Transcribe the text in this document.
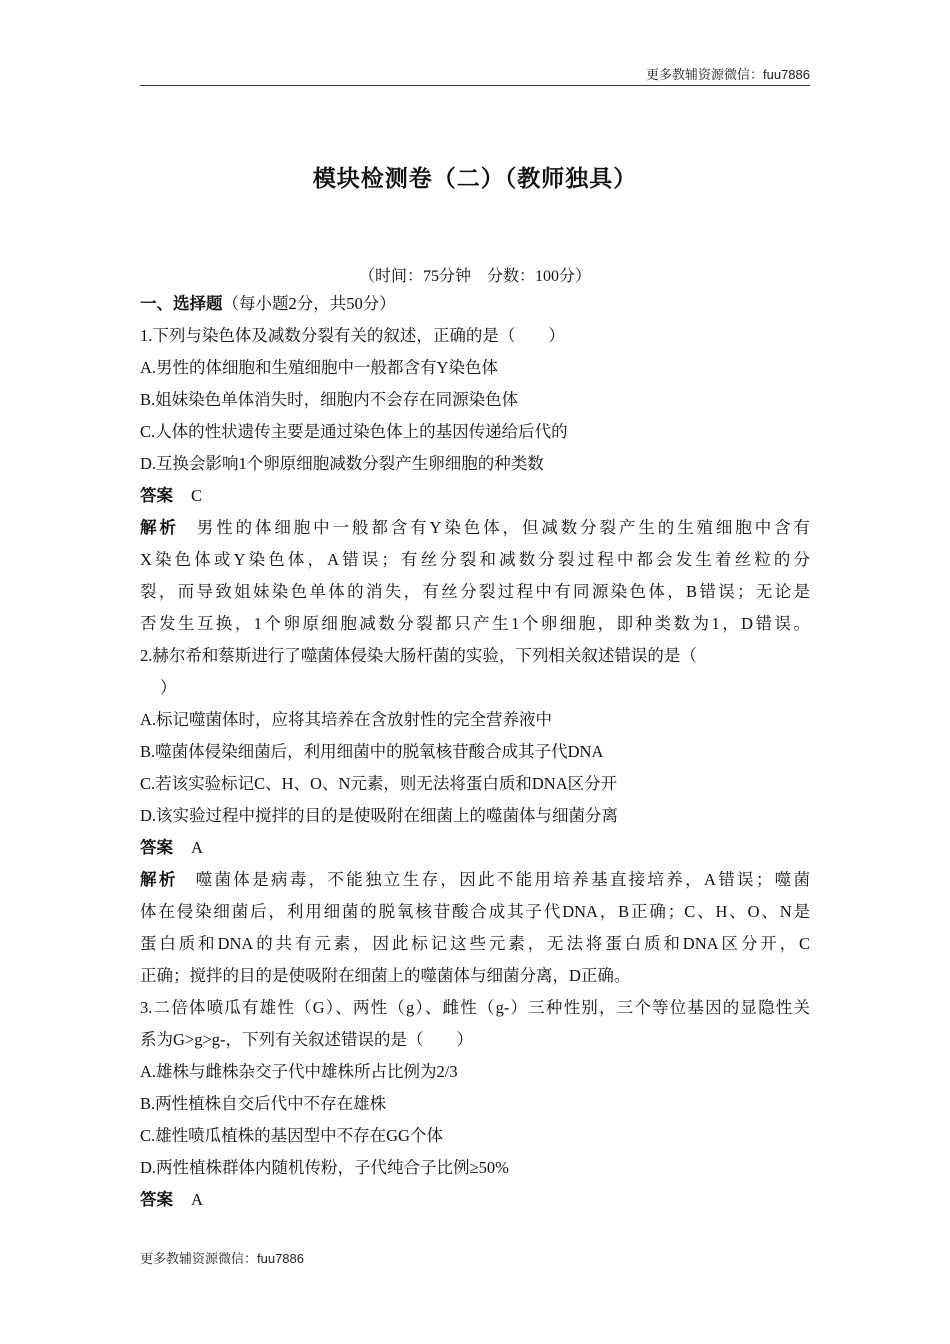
更多教辅资源微信：fuu7886
模块检测卷（二）（教师独具）
（时间：75分钟　分数：100分）
一、选择题（每小题2分，共50分）
1.下列与染色体及减数分裂有关的叙述，正确的是（　　）
A.男性的体细胞和生殖细胞中一般都含有Y染色体
B.姐妹染色单体消失时，细胞内不会存在同源染色体
C.人体的性状遗传主要是通过染色体上的基因传递给后代的
D.互换会影响1个卵原细胞减数分裂产生卵细胞的种类数
答案 C
解析 男性的体细胞中一般都含有Y染色体，但减数分裂产生的生殖细胞中含有
X染色体或Y染色体，A错误；有丝分裂和减数分裂过程中都会发生着丝粒的分
裂，而导致姐妹染色单体的消失，有丝分裂过程中有同源染色体，B错误；无论是
否发生互换，1个卵原细胞减数分裂都只产生1个卵细胞，即种类数为1，D错误。
2.赫尔希和蔡斯进行了噬菌体侵染大肠杆菌的实验，下列相关叙述错误的是（
）
A.标记噬菌体时，应将其培养在含放射性的完全营养液中
B.噬菌体侵染细菌后，利用细菌中的脱氧核苷酸合成其子代DNA
C.若该实验标记C、H、O、N元素，则无法将蛋白质和DNA区分开
D.该实验过程中搅拌的目的是使吸附在细菌上的噬菌体与细菌分离
答案 A
解析 噬菌体是病毒，不能独立生存，因此不能用培养基直接培养，A错误；噬菌
体在侵染细菌后，利用细菌的脱氧核苷酸合成其子代DNA，B正确；C、H、O、N是
蛋白质和DNA的共有元素，因此标记这些元素，无法将蛋白质和DNA区分开，C
正确；搅拌的目的是使吸附在细菌上的噬菌体与细菌分离，D正确。
3.二倍体喷瓜有雄性（G）、两性（g）、雌性（g-）三种性别，三个等位基因的显隐性关
系为G>g>g-，下列有关叙述错误的是（　　）
A.雄株与雌株杂交子代中雄株所占比例为2/3
B.两性植株自交后代中不存在雄株
C.雄性喷瓜植株的基因型中不存在GG个体
D.两性植株群体内随机传粉，子代纯合子比例≥50%
答案 A
更多教辅资源微信：fuu7886
